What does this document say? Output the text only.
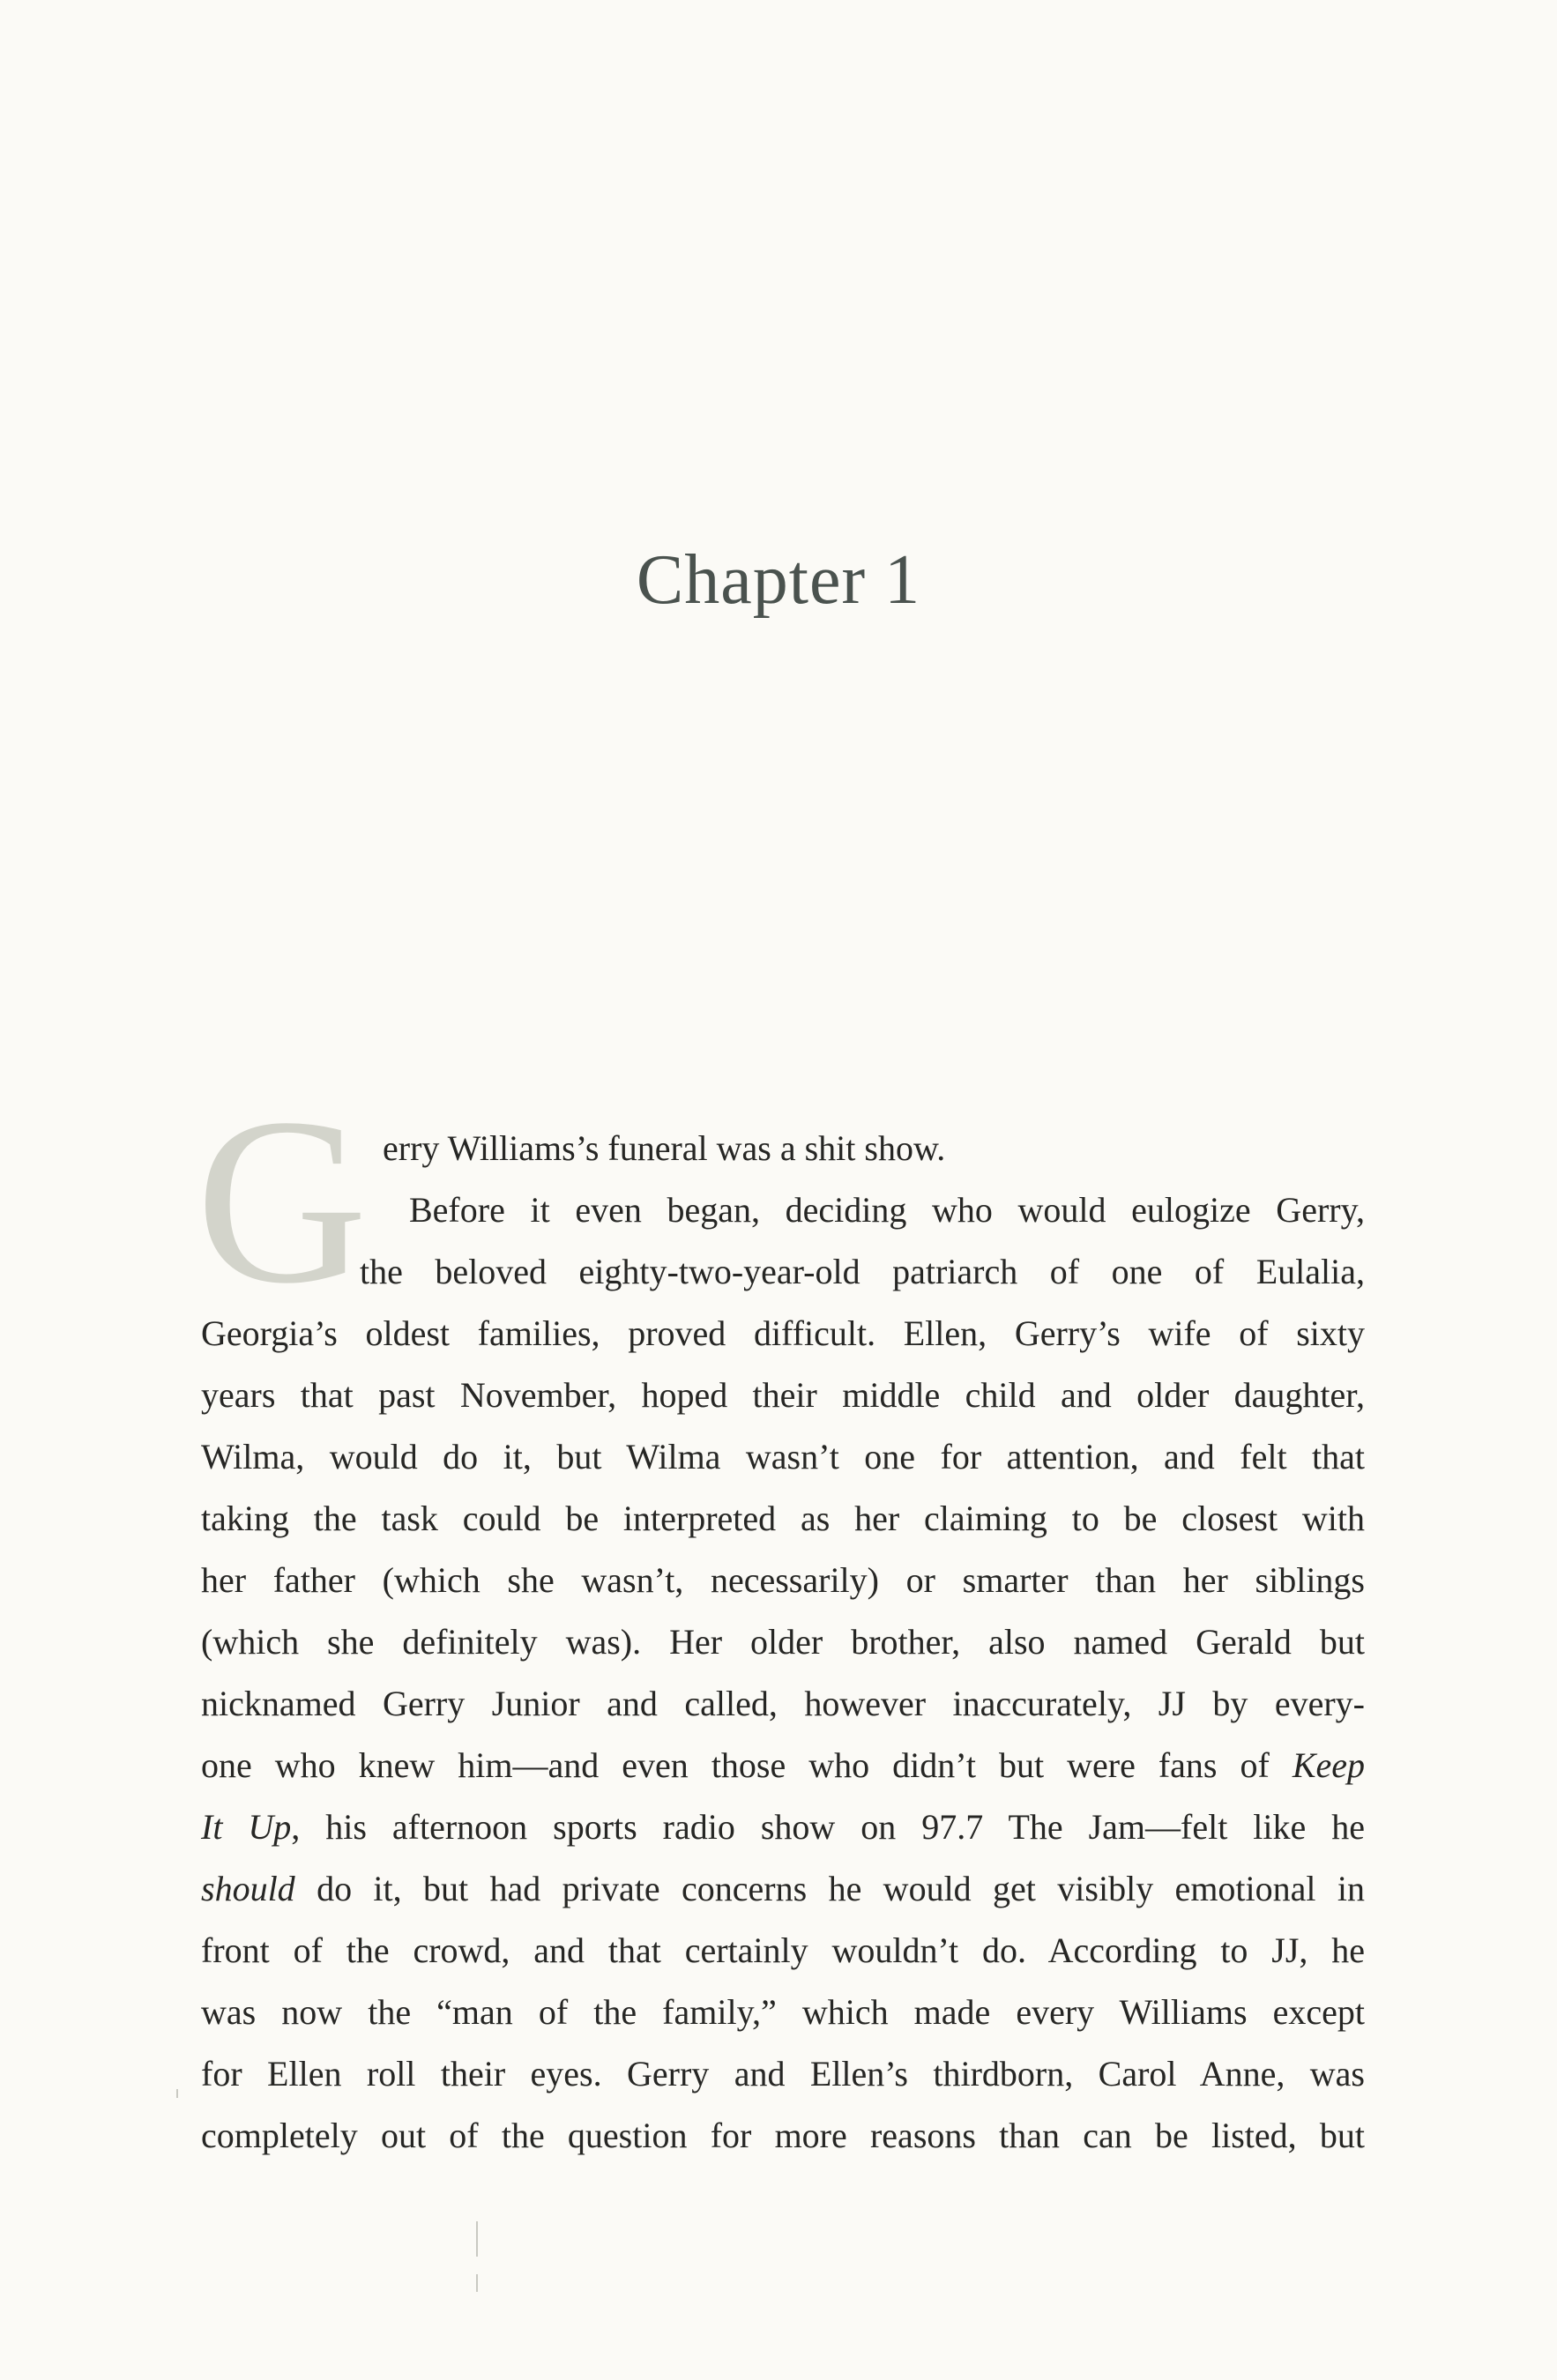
Chapter 1
G erry Williams’s funeral was a shit show.

Before it even began, deciding who would eulogize Gerry,
the beloved eighty-two-year-old patriarch of one of Eulalia,
Georgia’s oldest families, proved difficult. Ellen, Gerry’s wife of sixty
years that past November, hoped their middle child and older daughter,
Wilma, would do it, but Wilma wasn’t one for attention, and felt that
taking the task could be interpreted as her claiming to be closest with
her father (which she wasn’t, necessarily) or smarter than her siblings
(which she definitely was). Her older brother, also named Gerald but
nicknamed Gerry Junior and called, however inaccurately, JJ by every-
one who knew him—and even those who didn’t but were fans of Keep
It Up, his afternoon sports radio show on 97.7 The Jam—felt like he
should do it, but had private concerns he would get visibly emotional in
front of the crowd, and that certainly wouldn’t do. According to JJ, he
was now the “man of the family,” which made every Williams except
for Ellen roll their eyes. Gerry and Ellen’s thirdborn, Carol Anne, was
completely out of the question for more reasons than can be listed, but
